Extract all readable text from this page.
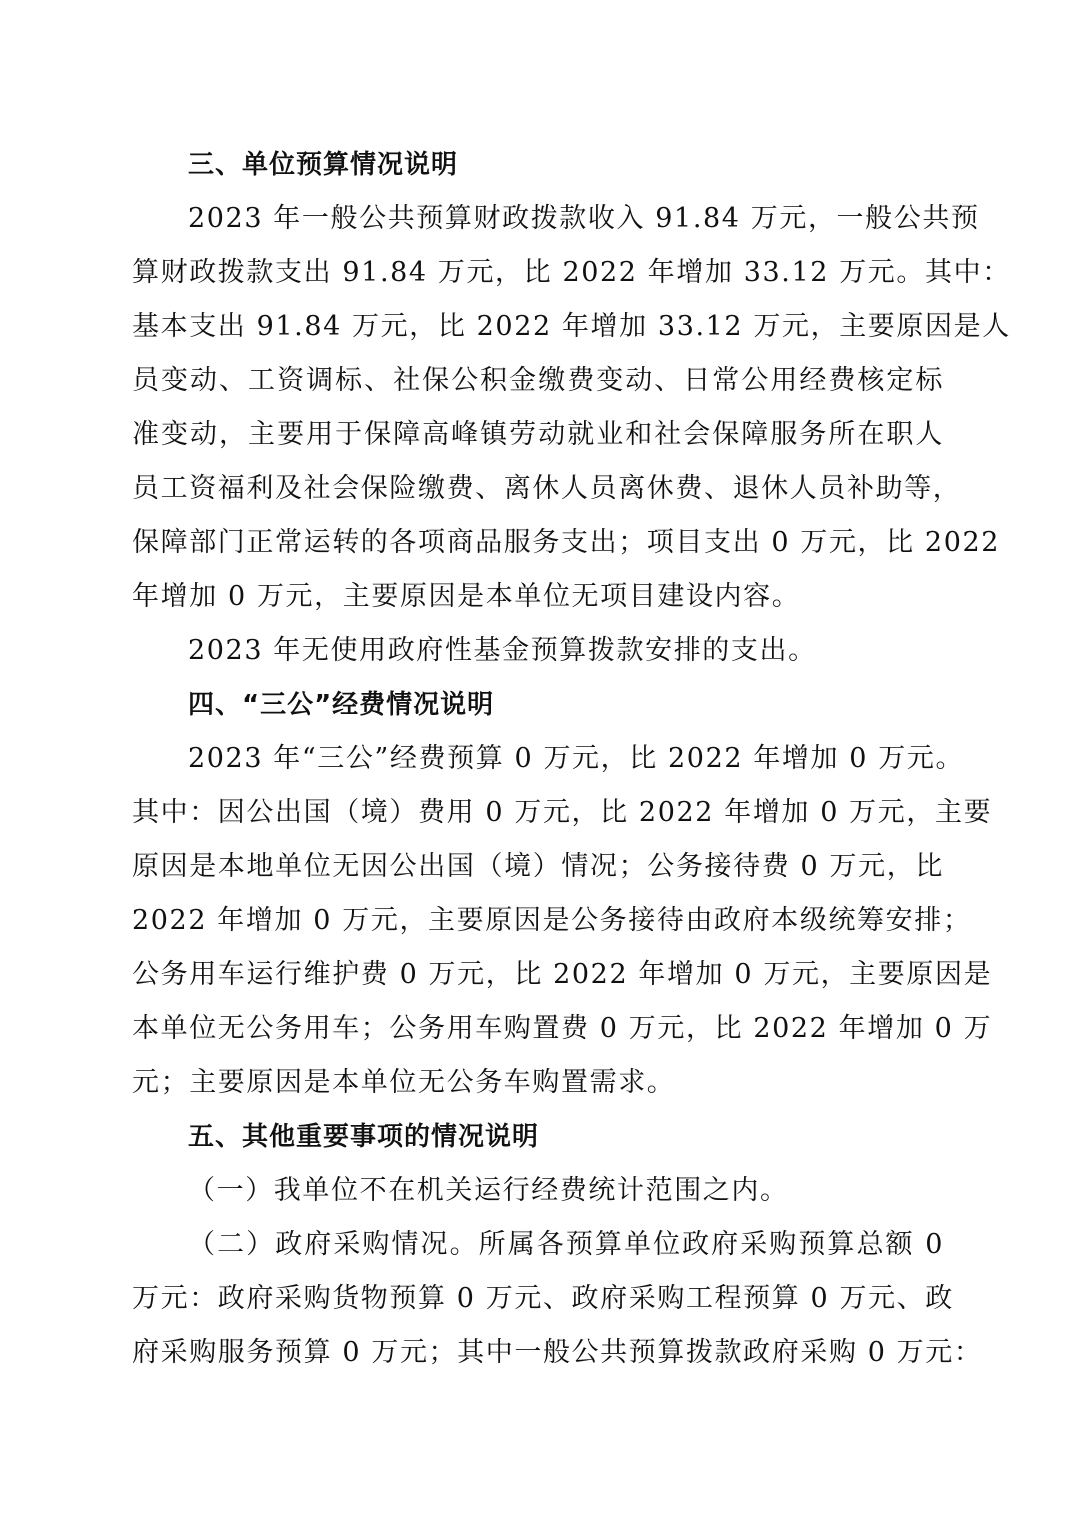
三、单位预算情况说明
2023 年一般公共预算财政拨款收入 91.84 万元，一般公共预
算财政拨款支出 91.84 万元，比 2022 年增加 33.12 万元。其中：
基本支出 91.84 万元，比 2022 年增加 33.12 万元，主要原因是人
员变动、工资调标、社保公积金缴费变动、日常公用经费核定标
准变动，主要用于保障高峰镇劳动就业和社会保障服务所在职人
员工资福利及社会保险缴费、离休人员离休费、退休人员补助等，
保障部门正常运转的各项商品服务支出；项目支出 0 万元，比 2022
年增加 0 万元，主要原因是本单位无项目建设内容。
2023 年无使用政府性基金预算拨款安排的支出。
四、“三公”经费情况说明
2023 年“三公”经费预算 0 万元，比 2022 年增加 0 万元。
其中：因公出国（境）费用 0 万元，比 2022 年增加 0 万元，主要
原因是本地单位无因公出国（境）情况；公务接待费 0 万元，比
2022 年增加 0 万元，主要原因是公务接待由政府本级统筹安排；
公务用车运行维护费 0 万元，比 2022 年增加 0 万元，主要原因是
本单位无公务用车；公务用车购置费 0 万元，比 2022 年增加 0 万
元；主要原因是本单位无公务车购置需求。
五、其他重要事项的情况说明
（一）我单位不在机关运行经费统计范围之内。
（二）政府采购情况。所属各预算单位政府采购预算总额 0
万元：政府采购货物预算 0 万元、政府采购工程预算 0 万元、政
府采购服务预算 0 万元；其中一般公共预算拨款政府采购 0 万元：
